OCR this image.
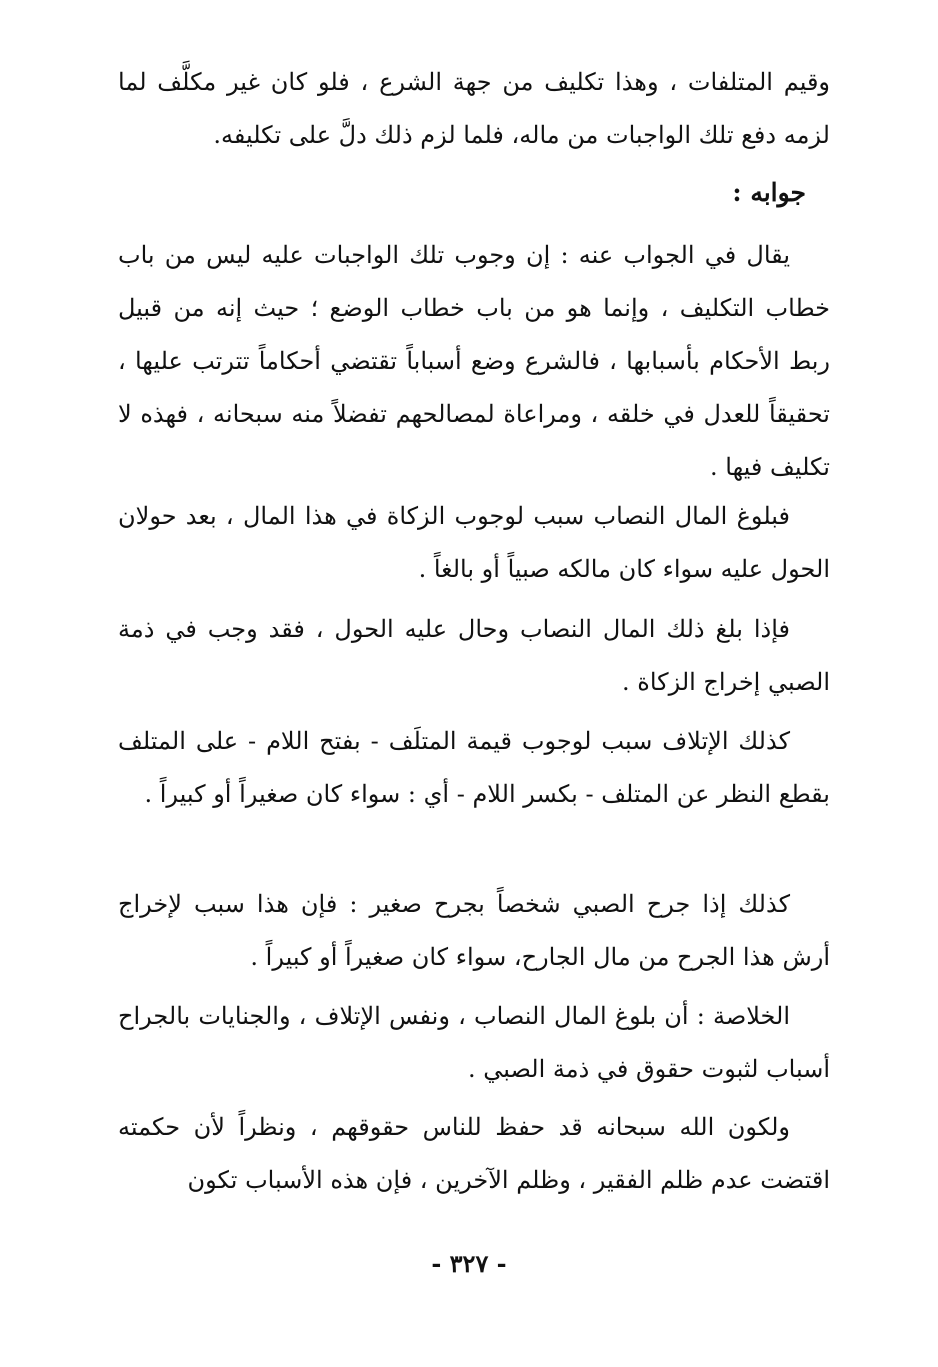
وقيم المتلفات ، وهذا تكليف من جهة الشرع ، فلو كان غير مكلَّف لما لزمه دفع تلك الواجبات من ماله، فلما لزم ذلك دلَّ على تكليفه.

جوابه :

يقال في الجواب عنه : إن وجوب تلك الواجبات عليه ليس من باب خطاب التكليف ، وإنما هو من باب خطاب الوضع ؛ حيث إنه من قبيل ربط الأحكام بأسبابها ، فالشرع وضع أسباباً تقتضي أحكاماً تترتب عليها ، تحقيقاً للعدل في خلقه ، ومراعاة لمصالحهم تفضلاً منه سبحانه ، فهذه لا تكليف فيها .

فبلوغ المال النصاب سبب لوجوب الزكاة في هذا المال ، بعد حولان الحول عليه سواء كان مالكه صبياً أو بالغاً .

فإذا بلغ ذلك المال النصاب وحال عليه الحول ، فقد وجب في ذمة الصبي إخراج الزكاة .

كذلك الإتلاف سبب لوجوب قيمة المتلَف - بفتح اللام - على المتلف بقطع النظر عن المتلف - بكسر اللام - أي : سواء كان صغيراً أو كبيراً .

كذلك إذا جرح الصبي شخصاً بجرح صغير : فإن هذا سبب لإخراج أرش هذا الجرح من مال الجارح، سواء كان صغيراً أو كبيراً .

الخلاصة : أن بلوغ المال النصاب ، ونفس الإتلاف ، والجنايات بالجراح أسباب لثبوت حقوق في ذمة الصبي .

ولكون الله سبحانه قد حفظ للناس حقوقهم ، ونظراً لأن حكمته اقتضت عدم ظلم الفقير ، وظلم الآخرين ، فإن هذه الأسباب تكون

- ٣٢٧ -
